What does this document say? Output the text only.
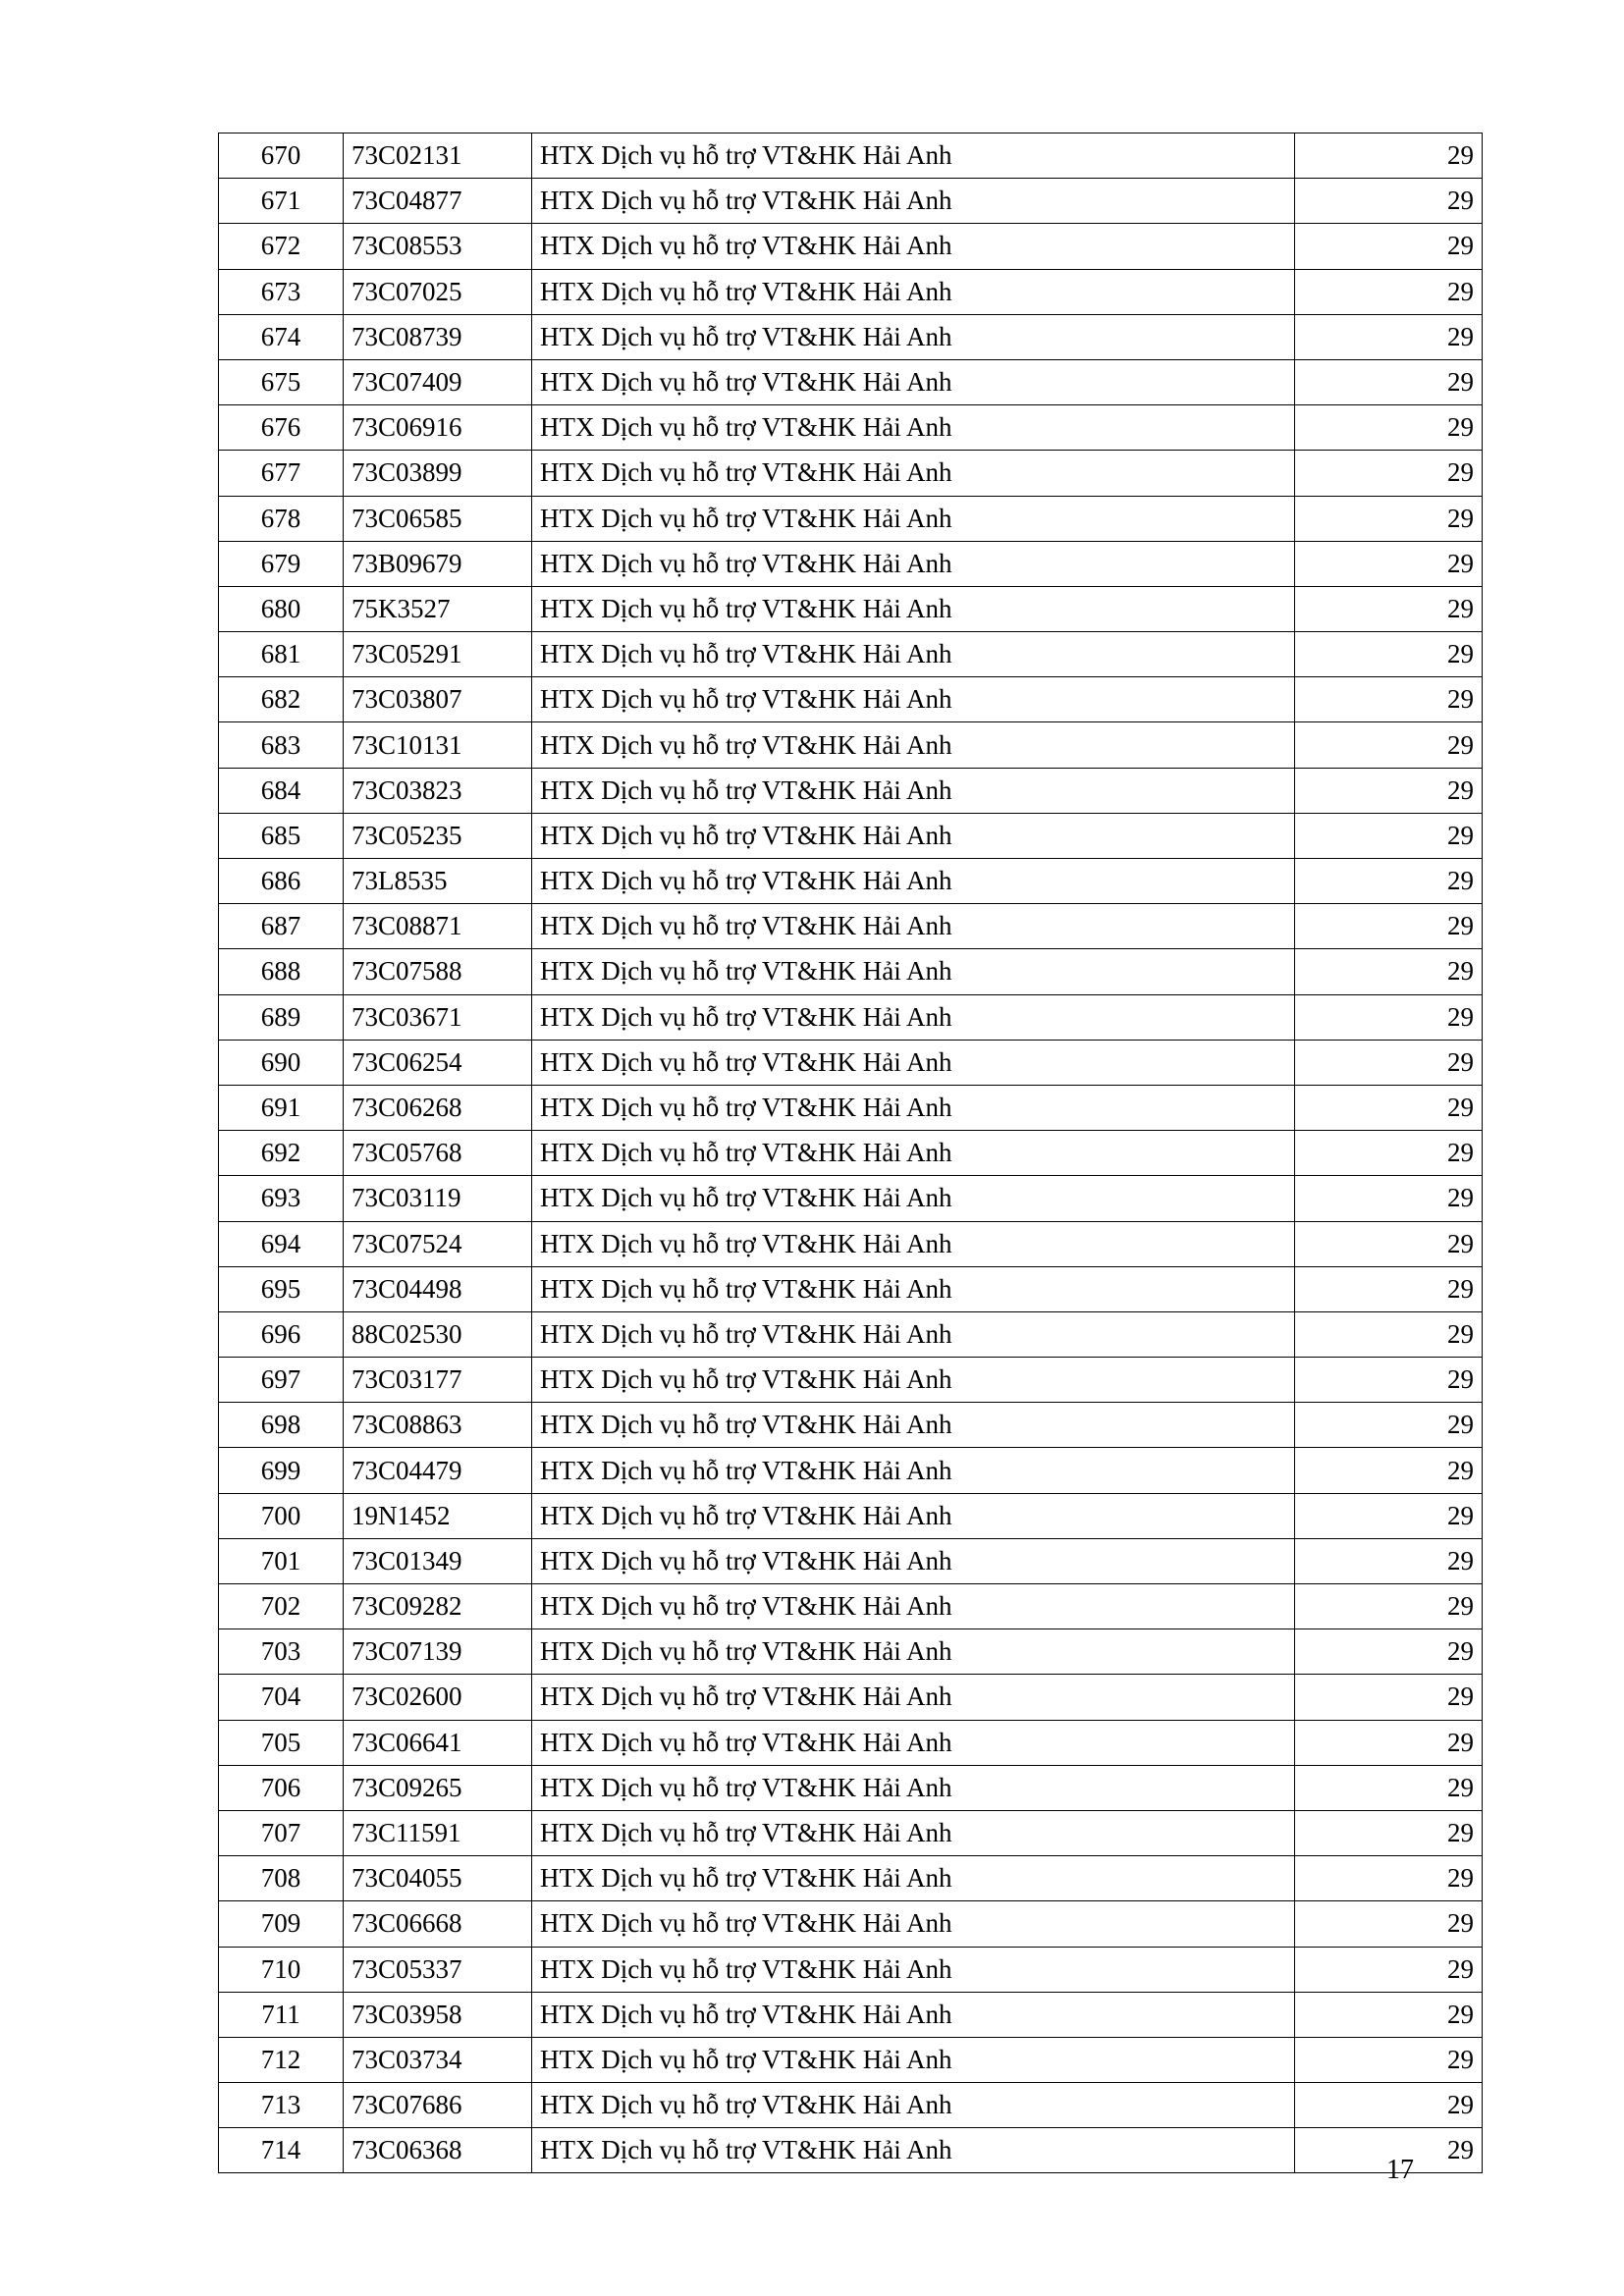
670	73C02131	HTX Dịch vụ hỗ trợ VT&HK Hải Anh	29
671	73C04877	HTX Dịch vụ hỗ trợ VT&HK Hải Anh	29
672	73C08553	HTX Dịch vụ hỗ trợ VT&HK Hải Anh	29
673	73C07025	HTX Dịch vụ hỗ trợ VT&HK Hải Anh	29
674	73C08739	HTX Dịch vụ hỗ trợ VT&HK Hải Anh	29
675	73C07409	HTX Dịch vụ hỗ trợ VT&HK Hải Anh	29
676	73C06916	HTX Dịch vụ hỗ trợ VT&HK Hải Anh	29
677	73C03899	HTX Dịch vụ hỗ trợ VT&HK Hải Anh	29
678	73C06585	HTX Dịch vụ hỗ trợ VT&HK Hải Anh	29
679	73B09679	HTX Dịch vụ hỗ trợ VT&HK Hải Anh	29
680	75K3527	HTX Dịch vụ hỗ trợ VT&HK Hải Anh	29
681	73C05291	HTX Dịch vụ hỗ trợ VT&HK Hải Anh	29
682	73C03807	HTX Dịch vụ hỗ trợ VT&HK Hải Anh	29
683	73C10131	HTX Dịch vụ hỗ trợ VT&HK Hải Anh	29
684	73C03823	HTX Dịch vụ hỗ trợ VT&HK Hải Anh	29
685	73C05235	HTX Dịch vụ hỗ trợ VT&HK Hải Anh	29
686	73L8535	HTX Dịch vụ hỗ trợ VT&HK Hải Anh	29
687	73C08871	HTX Dịch vụ hỗ trợ VT&HK Hải Anh	29
688	73C07588	HTX Dịch vụ hỗ trợ VT&HK Hải Anh	29
689	73C03671	HTX Dịch vụ hỗ trợ VT&HK Hải Anh	29
690	73C06254	HTX Dịch vụ hỗ trợ VT&HK Hải Anh	29
691	73C06268	HTX Dịch vụ hỗ trợ VT&HK Hải Anh	29
692	73C05768	HTX Dịch vụ hỗ trợ VT&HK Hải Anh	29
693	73C03119	HTX Dịch vụ hỗ trợ VT&HK Hải Anh	29
694	73C07524	HTX Dịch vụ hỗ trợ VT&HK Hải Anh	29
695	73C04498	HTX Dịch vụ hỗ trợ VT&HK Hải Anh	29
696	88C02530	HTX Dịch vụ hỗ trợ VT&HK Hải Anh	29
697	73C03177	HTX Dịch vụ hỗ trợ VT&HK Hải Anh	29
698	73C08863	HTX Dịch vụ hỗ trợ VT&HK Hải Anh	29
699	73C04479	HTX Dịch vụ hỗ trợ VT&HK Hải Anh	29
700	19N1452	HTX Dịch vụ hỗ trợ VT&HK Hải Anh	29
701	73C01349	HTX Dịch vụ hỗ trợ VT&HK Hải Anh	29
702	73C09282	HTX Dịch vụ hỗ trợ VT&HK Hải Anh	29
703	73C07139	HTX Dịch vụ hỗ trợ VT&HK Hải Anh	29
704	73C02600	HTX Dịch vụ hỗ trợ VT&HK Hải Anh	29
705	73C06641	HTX Dịch vụ hỗ trợ VT&HK Hải Anh	29
706	73C09265	HTX Dịch vụ hỗ trợ VT&HK Hải Anh	29
707	73C11591	HTX Dịch vụ hỗ trợ VT&HK Hải Anh	29
708	73C04055	HTX Dịch vụ hỗ trợ VT&HK Hải Anh	29
709	73C06668	HTX Dịch vụ hỗ trợ VT&HK Hải Anh	29
710	73C05337	HTX Dịch vụ hỗ trợ VT&HK Hải Anh	29
711	73C03958	HTX Dịch vụ hỗ trợ VT&HK Hải Anh	29
712	73C03734	HTX Dịch vụ hỗ trợ VT&HK Hải Anh	29
713	73C07686	HTX Dịch vụ hỗ trợ VT&HK Hải Anh	29
714	73C06368	HTX Dịch vụ hỗ trợ VT&HK Hải Anh	29
17
